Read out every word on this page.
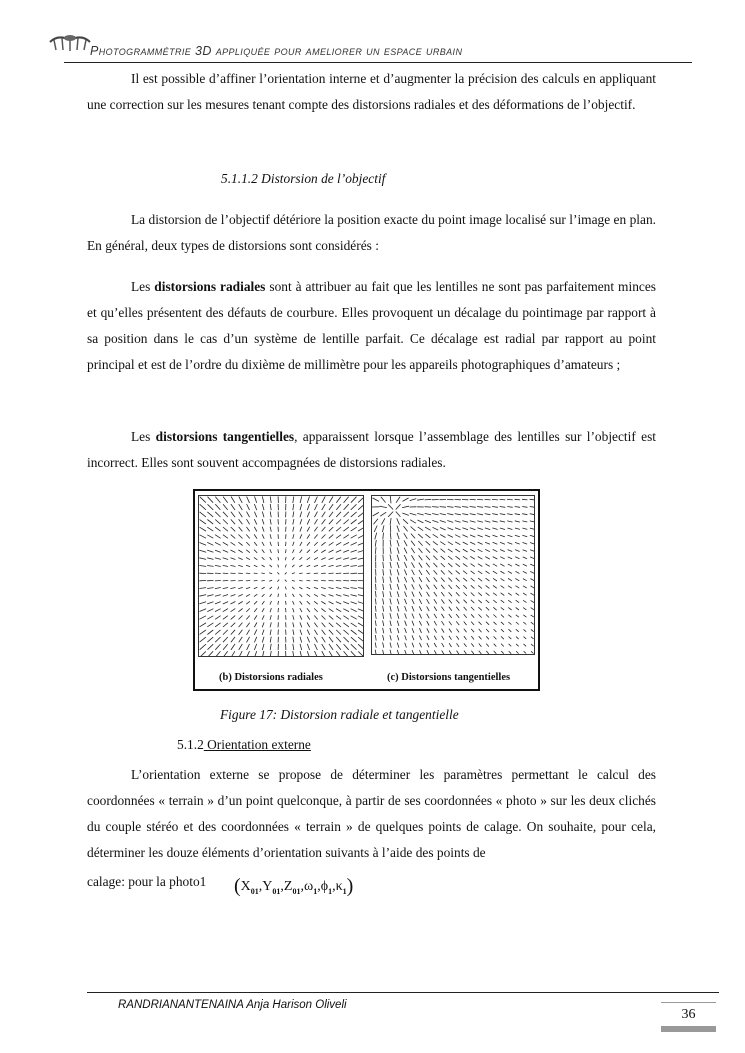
Photogrammétrie 3D appliquée pour ameliorer un espace urbain

Il est possible d’affiner l’orientation interne et d’augmenter la précision des calculs en appliquant une correction sur les mesures tenant compte des distorsions radiales et des déformations de l’objectif.

5.1.1.2 Distorsion de l’objectif

La distorsion de l’objectif détériore la position exacte du point image localisé sur l’image en plan. En général, deux types de distorsions sont considérés :

Les distorsions radiales sont à attribuer au fait que les lentilles ne sont pas parfaitement minces et qu’elles présentent des défauts de courbure. Elles provoquent un décalage du pointimage par rapport à sa position dans le cas d’un système de lentille parfait. Ce décalage est radial par rapport au point principal et est de l’ordre du dixième de millimètre pour les appareils photographiques d’amateurs ;

Les distorsions tangentielles, apparaissent lorsque l’assemblage des lentilles sur l’objectif est incorrect. Elles sont souvent accompagnées de distorsions radiales.

(b) Distorsions radiales	(c) Distorsions tangentielles
Figure 17: Distorsion radiale et tangentielle
5.1.2 Orientation externe

L’orientation externe se propose de déterminer les paramètres permettant le calcul des coordonnées « terrain » d’un point quelconque, à partir de ses coordonnées « photo » sur les deux clichés du couple stéréo et des coordonnées « terrain » de quelques points de calage. On souhaite, pour cela, déterminer les douze éléments d’orientation suivants à l’aide des points de

calage: pour la photo1	$(X_{01},Y_{01},Z_{01},\omega_1,\phi_1,\kappa_1)$
RANDRIANANTENAINA Anja Harison Oliveli
36
